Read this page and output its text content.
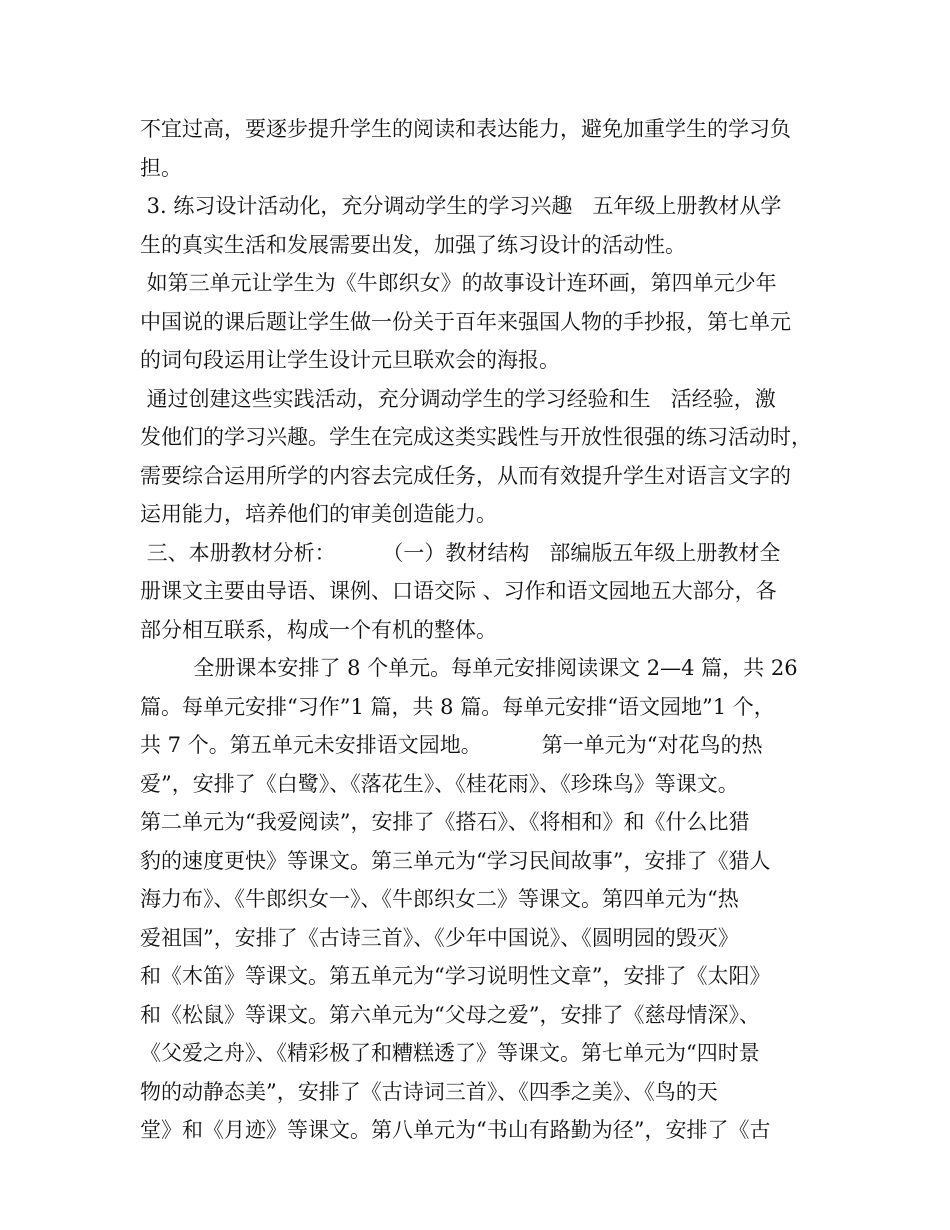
不宜过高，要逐步提升学生的阅读和表达能力，避免加重学生的学习负
担。
3. 练习设计活动化，充分调动学生的学习兴趣   五年级上册教材从学
生的真实生活和发展需要出发，加强了练习设计的活动性。
如第三单元让学生为《牛郎织女》的故事设计连环画，第四单元少年
中国说的课后题让学生做一份关于百年来强国人物的手抄报，第七单元
的词句段运用让学生设计元旦联欢会的海报。
通过创建这些实践活动，充分调动学生的学习经验和生   活经验，激
发他们的学习兴趣。学生在完成这类实践性与开放性很强的练习活动时，
需要综合运用所学的内容去完成任务，从而有效提升学生对语言文字的
运用能力，培养他们的审美创造能力。
三、本册教材分析：       （一）教材结构   部编版五年级上册教材全
册课文主要由导语、课例、口语交际 、习作和语文园地五大部分，各
部分相互联系，构成一个有机的整体。
全册课本安排了 8 个单元。每单元安排阅读课文 2—4 篇，共 26
篇。每单元安排“习作”1 篇，共 8 篇。每单元安排“语文园地”1 个，
共 7 个。第五单元未安排语文园地。         第一单元为“对花鸟的热
爱”，安排了《白鹭》、《落花生》、《桂花雨》、《珍珠鸟》等课文。
第二单元为“我爱阅读”，安排了《搭石》、《将相和》和《什么比猎
豹的速度更快》等课文。第三单元为“学习民间故事”，安排了《猎人
海力布》、《牛郎织女一》、《牛郎织女二》等课文。第四单元为“热
爱祖国”，安排了《古诗三首》、《少年中国说》、《圆明园的毁灭》
和《木笛》等课文。第五单元为“学习说明性文章”，安排了《太阳》
和《松鼠》等课文。第六单元为“父母之爱”，安排了《慈母情深》、
《父爱之舟》、《精彩极了和糟糕透了》等课文。第七单元为“四时景
物的动静态美”，安排了《古诗词三首》、《四季之美》、《鸟的天
堂》和《月迹》等课文。第八单元为“书山有路勤为径”，安排了《古
